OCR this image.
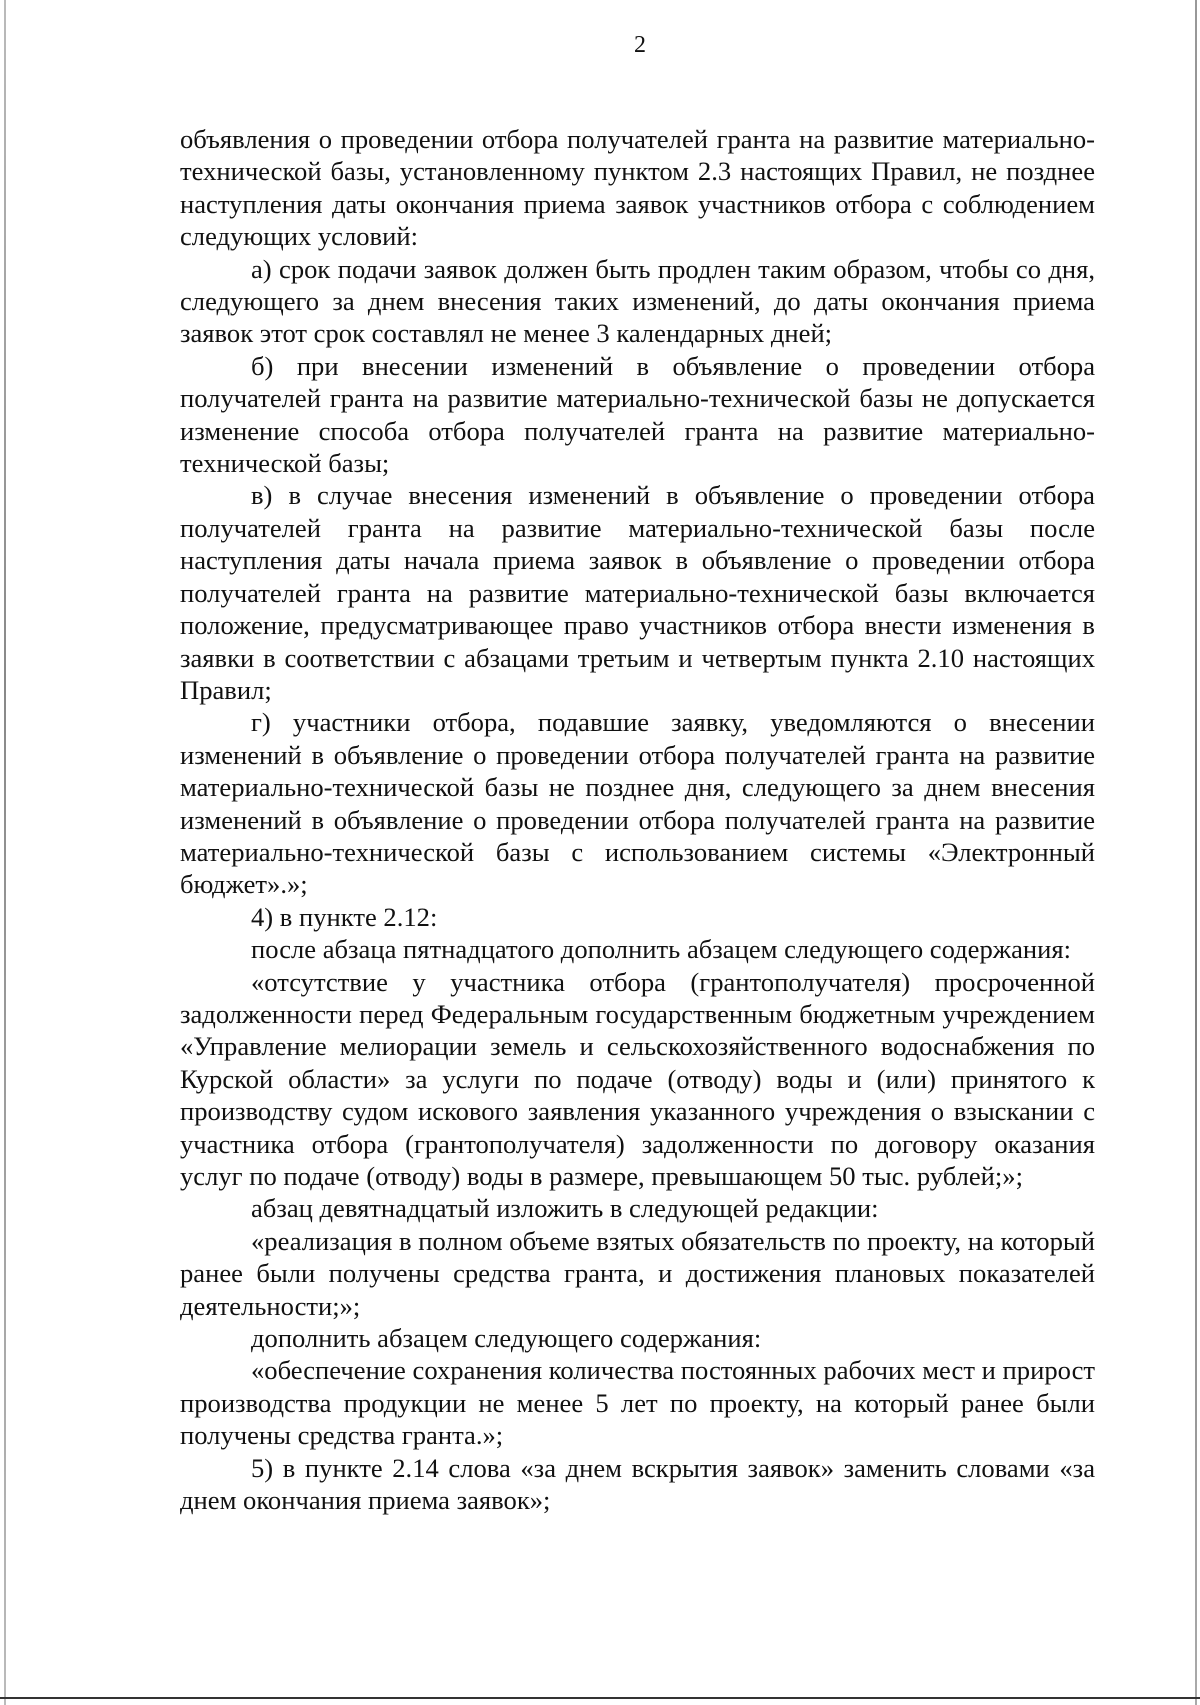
2

объявления о проведении отбора получателей гранта на развитие материально-технической базы, установленному пунктом 2.3 настоящих Правил, не позднее наступления даты окончания приема заявок участников отбора с соблюдением следующих условий:

а) срок подачи заявок должен быть продлен таким образом, чтобы со дня, следующего за днем внесения таких изменений, до даты окончания приема заявок этот срок составлял не менее 3 календарных дней;

б) при внесении изменений в объявление о проведении отбора получателей гранта на развитие материально-технической базы не допускается изменение способа отбора получателей гранта на развитие материально-технической базы;

в) в случае внесения изменений в объявление о проведении отбора получателей гранта на развитие материально-технической базы после наступления даты начала приема заявок в объявление о проведении отбора получателей гранта на развитие материально-технической базы включается положение, предусматривающее право участников отбора внести изменения в заявки в соответствии с абзацами третьим и четвертым пункта 2.10 настоящих Правил;

г) участники отбора, подавшие заявку, уведомляются о внесении изменений в объявление о проведении отбора получателей гранта на развитие материально-технической базы не позднее дня, следующего за днем внесения изменений в объявление о проведении отбора получателей гранта на развитие материально-технической базы с использованием системы «Электронный бюджет».»;

4) в пункте 2.12:

после абзаца пятнадцатого дополнить абзацем следующего содержания:

«отсутствие у участника отбора (грантополучателя) просроченной задолженности перед Федеральным государственным бюджетным учреждением «Управление мелиорации земель и сельскохозяйственного водоснабжения по Курской области» за услуги по подаче (отводу) воды и (или) принятого к производству судом искового заявления указанного учреждения о взыскании с участника отбора (грантополучателя) задолженности по договору оказания услуг по подаче (отводу) воды в размере, превышающем 50 тыс. рублей;»;

абзац девятнадцатый изложить в следующей редакции:

«реализация в полном объеме взятых обязательств по проекту, на который ранее были получены средства гранта, и достижения плановых показателей деятельности;»;

дополнить абзацем следующего содержания:

«обеспечение сохранения количества постоянных рабочих мест и прирост производства продукции не менее 5 лет по проекту, на который ранее были получены средства гранта.»;

5) в пункте 2.14 слова «за днем вскрытия заявок» заменить словами «за днем окончания приема заявок»;
